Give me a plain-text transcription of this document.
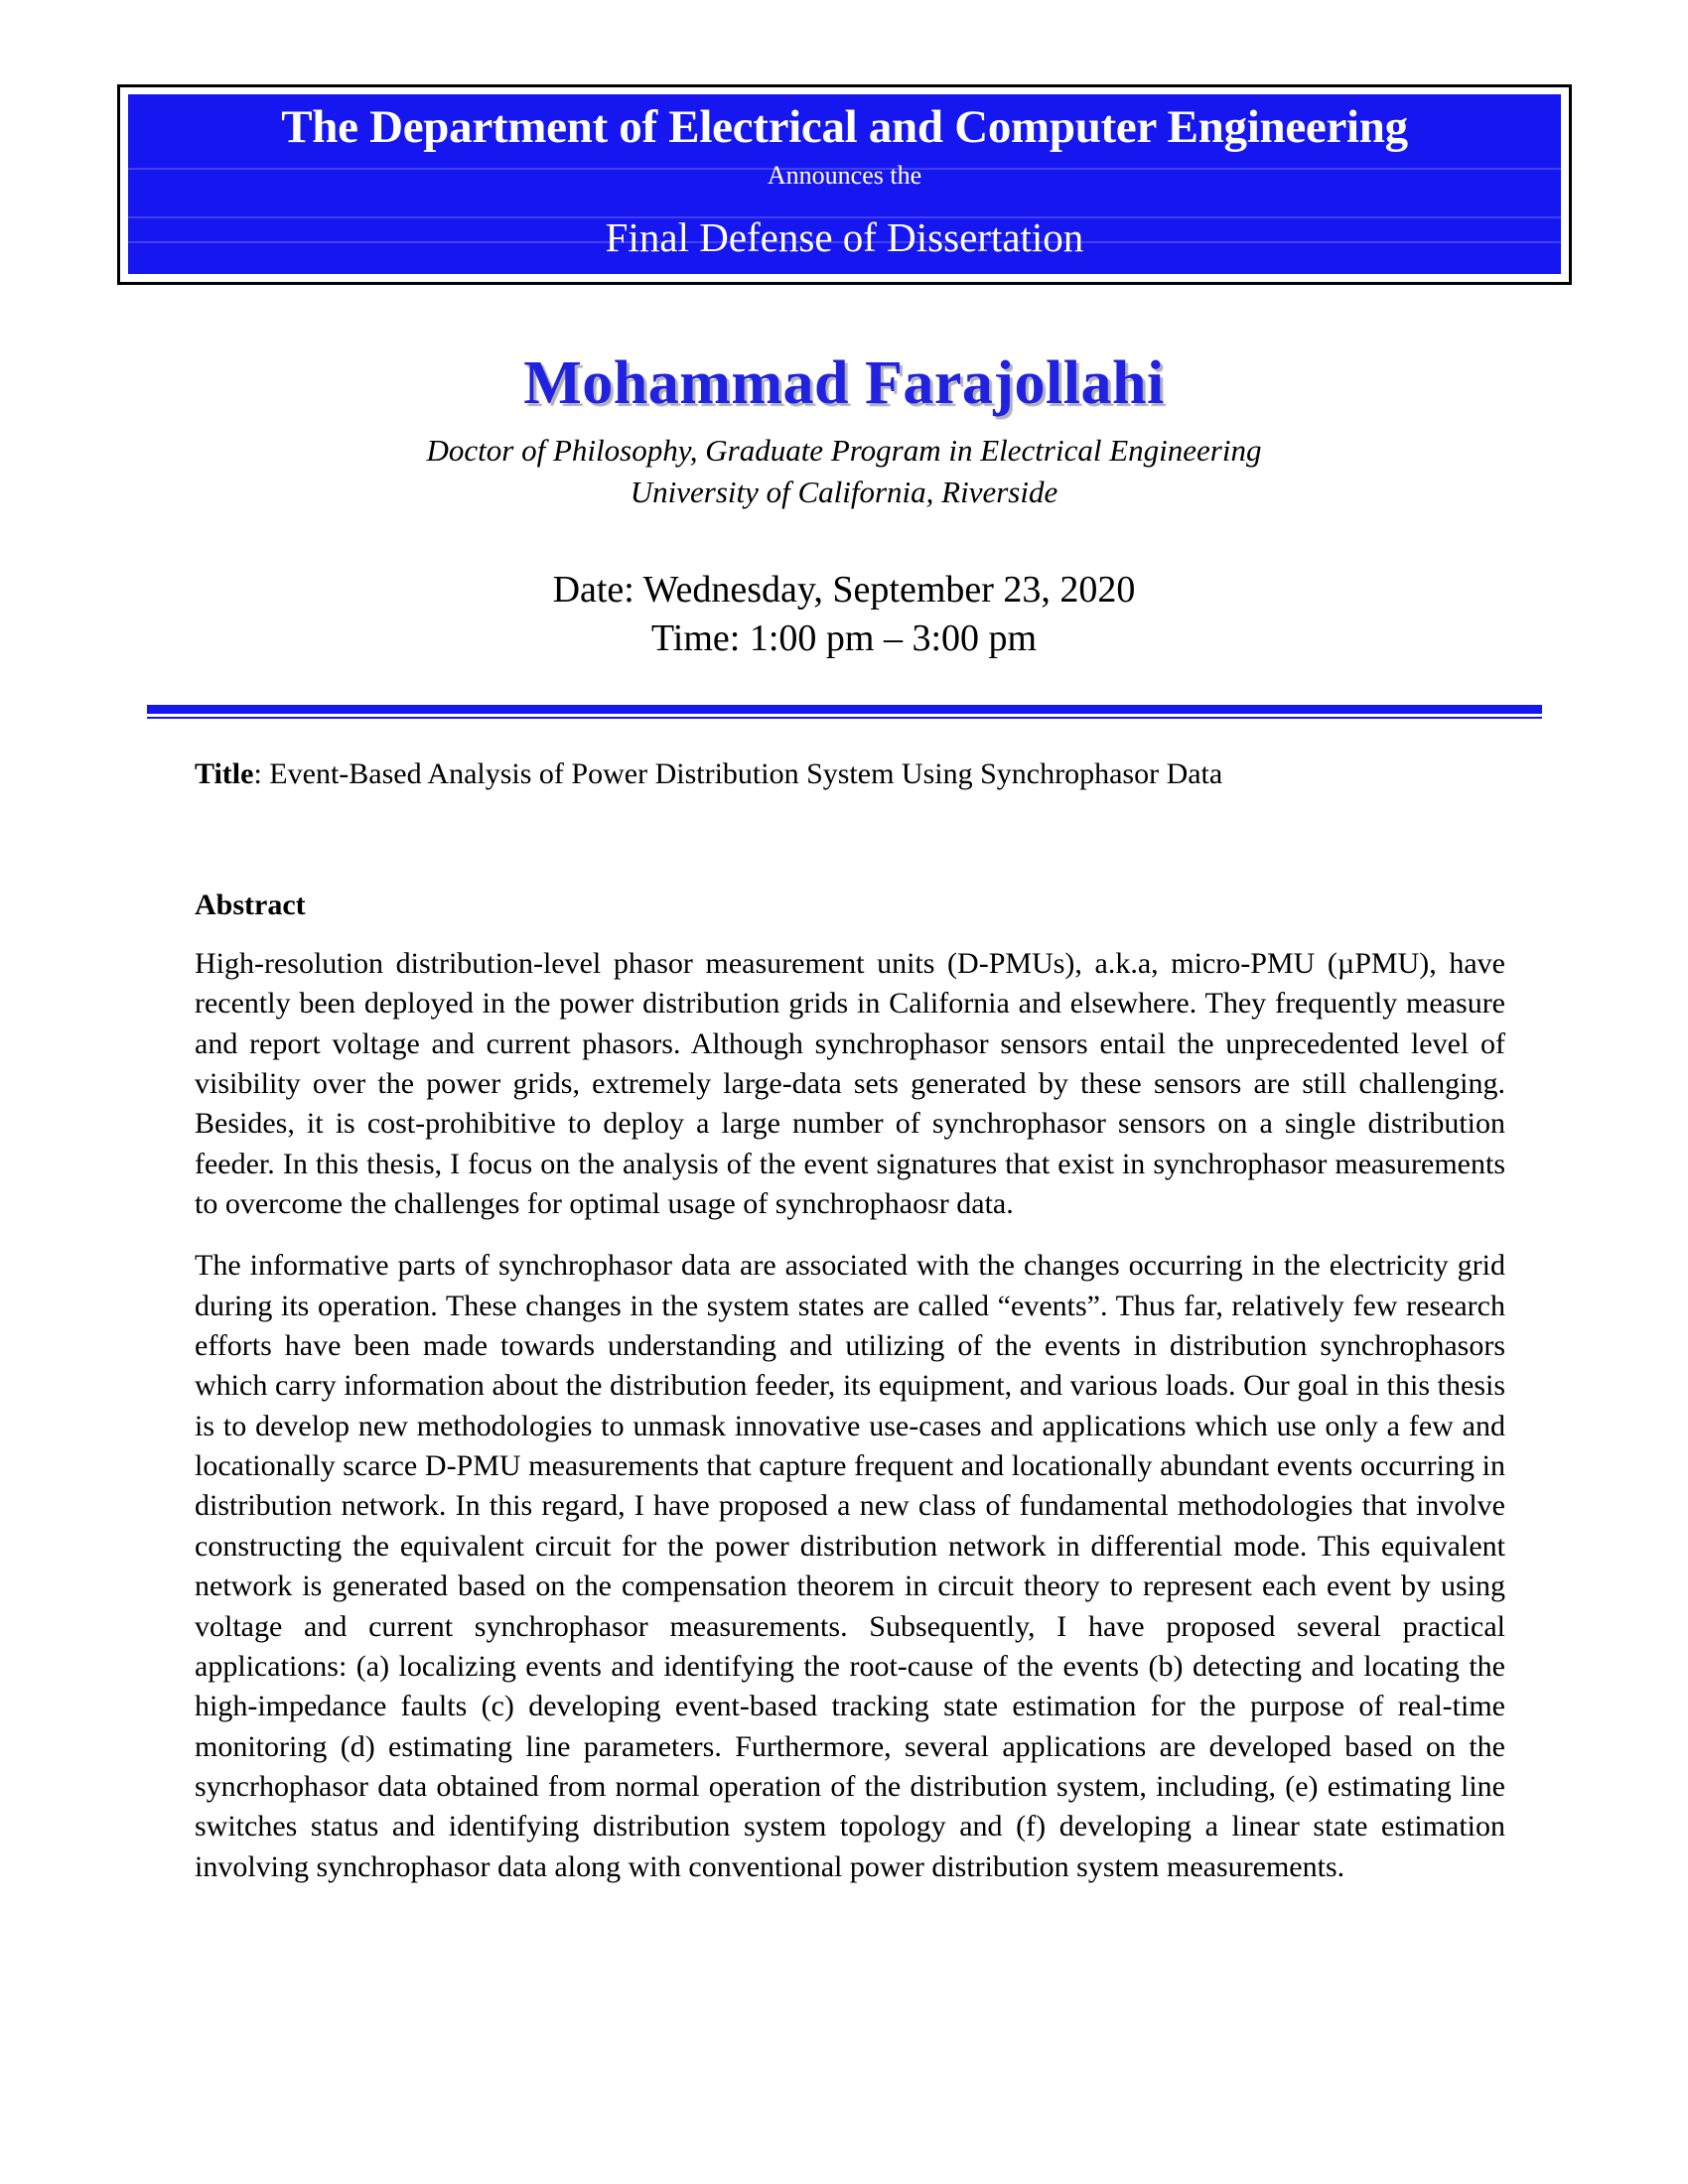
The Department of Electrical and Computer Engineering
Announces the
Final Defense of Dissertation
Mohammad Farajollahi
Doctor of Philosophy, Graduate Program in Electrical Engineering
University of California, Riverside
Date: Wednesday, September 23, 2020
Time: 1:00 pm – 3:00 pm
Title: Event-Based Analysis of Power Distribution System Using Synchrophasor Data
Abstract

High-resolution distribution-level phasor measurement units (D-PMUs), a.k.a, micro-PMU (µPMU), have recently been deployed in the power distribution grids in California and elsewhere. They frequently measure and report voltage and current phasors. Although synchrophasor sensors entail the unprecedented level of visibility over the power grids, extremely large-data sets generated by these sensors are still challenging. Besides, it is cost-prohibitive to deploy a large number of synchrophasor sensors on a single distribution feeder. In this thesis, I focus on the analysis of the event signatures that exist in synchrophasor measurements to overcome the challenges for optimal usage of synchrophaosr data.

The informative parts of synchrophasor data are associated with the changes occurring in the electricity grid during its operation. These changes in the system states are called “events”. Thus far, relatively few research efforts have been made towards understanding and utilizing of the events in distribution synchrophasors which carry information about the distribution feeder, its equipment, and various loads. Our goal in this thesis is to develop new methodologies to unmask innovative use-cases and applications which use only a few and locationally scarce D-PMU measurements that capture frequent and locationally abundant events occurring in distribution network. In this regard, I have proposed a new class of fundamental methodologies that involve constructing the equivalent circuit for the power distribution network in differential mode. This equivalent network is generated based on the compensation theorem in circuit theory to represent each event by using voltage and current synchrophasor measurements. Subsequently, I have proposed several practical applications: (a) localizing events and identifying the root-cause of the events (b) detecting and locating the high-impedance faults (c) developing event-based tracking state estimation for the purpose of real-time monitoring (d) estimating line parameters. Furthermore, several applications are developed based on the syncrhophasor data obtained from normal operation of the distribution system, including, (e) estimating line switches status and identifying distribution system topology and (f) developing a linear state estimation involving synchrophasor data along with conventional power distribution system measurements.
